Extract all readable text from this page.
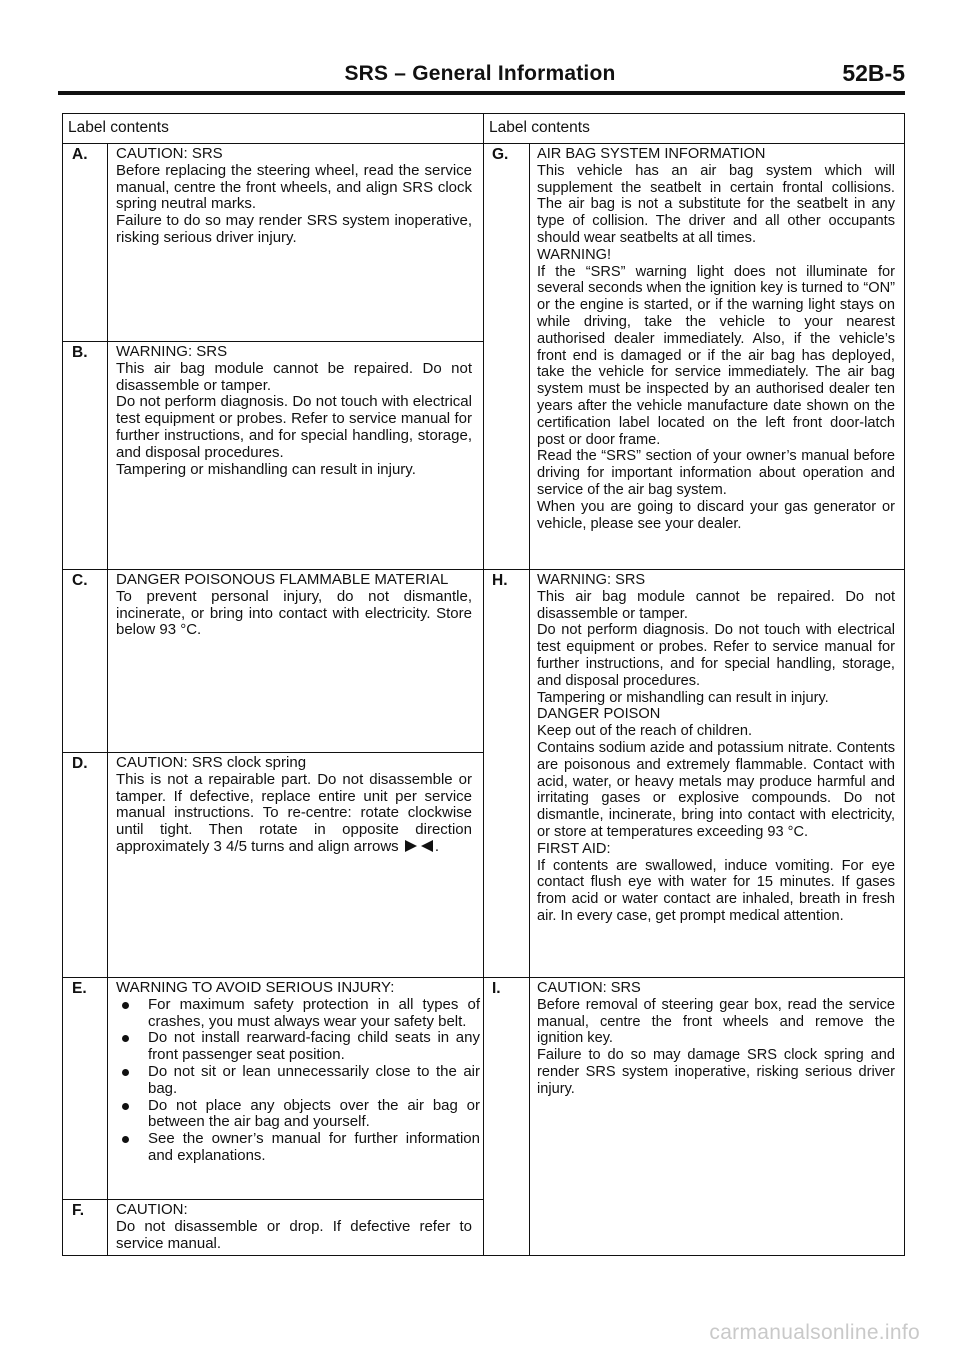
SRS – General Information	52B-5
Label contents	Label contents
A. CAUTION: SRS
Before replacing the steering wheel, read the service manual, centre the front wheels, and align SRS clock spring neutral marks.
Failure to do so may render SRS system inoperative, risking serious driver injury.
B. WARNING: SRS
This air bag module cannot be repaired. Do not disassemble or tamper.
Do not perform diagnosis. Do not touch with electrical test equipment or probes. Refer to service manual for further instructions, and for special handling, storage, and disposal procedures.
Tampering or mishandling can result in injury.
C. DANGER POISONOUS FLAMMABLE MATERIAL
To prevent personal injury, do not dismantle, incinerate, or bring into contact with electricity. Store below 93 °C.
D. CAUTION: SRS clock spring
This is not a repairable part. Do not disassemble or tamper. If defective, replace entire unit per service manual instructions. To re-centre: rotate clockwise until tight. Then rotate in opposite direction approximately 3 4/5 turns and align arrows .
E. WARNING TO AVOID SERIOUS INJURY:
For maximum safety protection in all types of crashes, you must always wear your safety belt.
Do not install rearward-facing child seats in any front passenger seat position.
Do not sit or lean unnecessarily close to the air bag.
Do not place any objects over the air bag or between the air bag and yourself.
See the owner’s manual for further information and explanations.
F. CAUTION:
Do not disassemble or drop. If defective refer to service manual.
G. AIR BAG SYSTEM INFORMATION
This vehicle has an air bag system which will supplement the seatbelt in certain frontal collisions. The air bag is not a substitute for the seatbelt in any type of collision. The driver and all other occupants should wear seatbelts at all times.
WARNING!
If the “SRS” warning light does not illuminate for several seconds when the ignition key is turned to “ON” or the engine is started, or if the warning light stays on while driving, take the vehicle to your nearest authorised dealer immediately. Also, if the vehicle’s front end is damaged or if the air bag has deployed, take the vehicle for service immediately. The air bag system must be inspected by an authorised dealer ten years after the vehicle manufacture date shown on the certification label located on the left front door-latch post or door frame.
Read the “SRS” section of your owner’s manual before driving for important information about operation and service of the air bag system.
When you are going to discard your gas generator or vehicle, please see your dealer.
H. WARNING: SRS
This air bag module cannot be repaired. Do not disassemble or tamper.
Do not perform diagnosis. Do not touch with electrical test equipment or probes. Refer to service manual for further instructions, and for special handling, storage, and disposal procedures.
Tampering or mishandling can result in injury.
DANGER POISON
Keep out of the reach of children.
Contains sodium azide and potassium nitrate. Contents are poisonous and extremely flammable. Contact with acid, water, or heavy metals may produce harmful and irritating gases or explosive compounds. Do not dismantle, incinerate, bring into contact with electricity, or store at temperatures exceeding 93 °C.
FIRST AID:
If contents are swallowed, induce vomiting. For eye contact flush eye with water for 15 minutes. If gases from acid or water contact are inhaled, breath in fresh air. In every case, get prompt medical attention.
I. CAUTION: SRS
Before removal of steering gear box, read the service manual, centre the front wheels and remove the ignition key.
Failure to do so may damage SRS clock spring and render SRS system inoperative, risking serious driver injury.
carmanualsonline.info
